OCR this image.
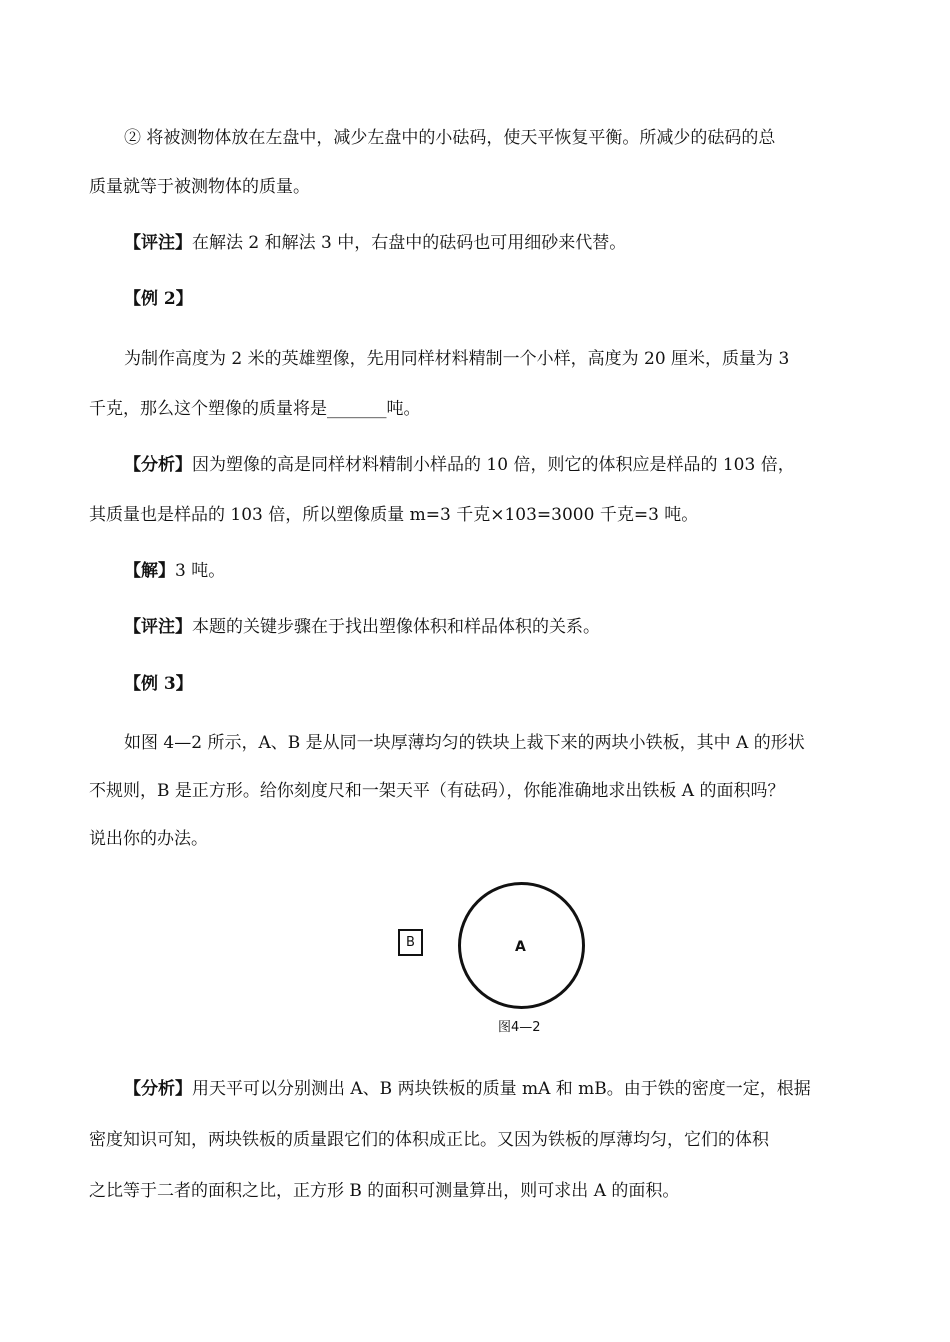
② 将被测物体放在左盘中，减少左盘中的小砝码，使天平恢复平衡。所减少的砝码的总
质量就等于被测物体的质量。
【评注】在解法 2 和解法 3 中，右盘中的砝码也可用细砂来代替。
【例 2】
为制作高度为 2 米的英雄塑像，先用同样材料精制一个小样，高度为 20 厘米，质量为 3
千克，那么这个塑像的质量将是_______吨。
【分析】因为塑像的高是同样材料精制小样品的 10 倍，则它的体积应是样品的 103 倍，
其质量也是样品的 103 倍，所以塑像质量 m=3 千克×103=3000 千克=3 吨。
【解】3 吨。
【评注】本题的关键步骤在于找出塑像体积和样品体积的关系。
【例 3】
如图 4—2 所示，A、B 是从同一块厚薄均匀的铁块上裁下来的两块小铁板，其中 A 的形状
不规则，B 是正方形。给你刻度尺和一架天平（有砝码），你能准确地求出铁板 A 的面积吗？
说出你的办法。
B	A
图4—2
【分析】用天平可以分别测出 A、B 两块铁板的质量 mA 和 mB。由于铁的密度一定，根据
密度知识可知，两块铁板的质量跟它们的体积成正比。又因为铁板的厚薄均匀，它们的体积
之比等于二者的面积之比，正方形 B 的面积可测量算出，则可求出 A 的面积。
